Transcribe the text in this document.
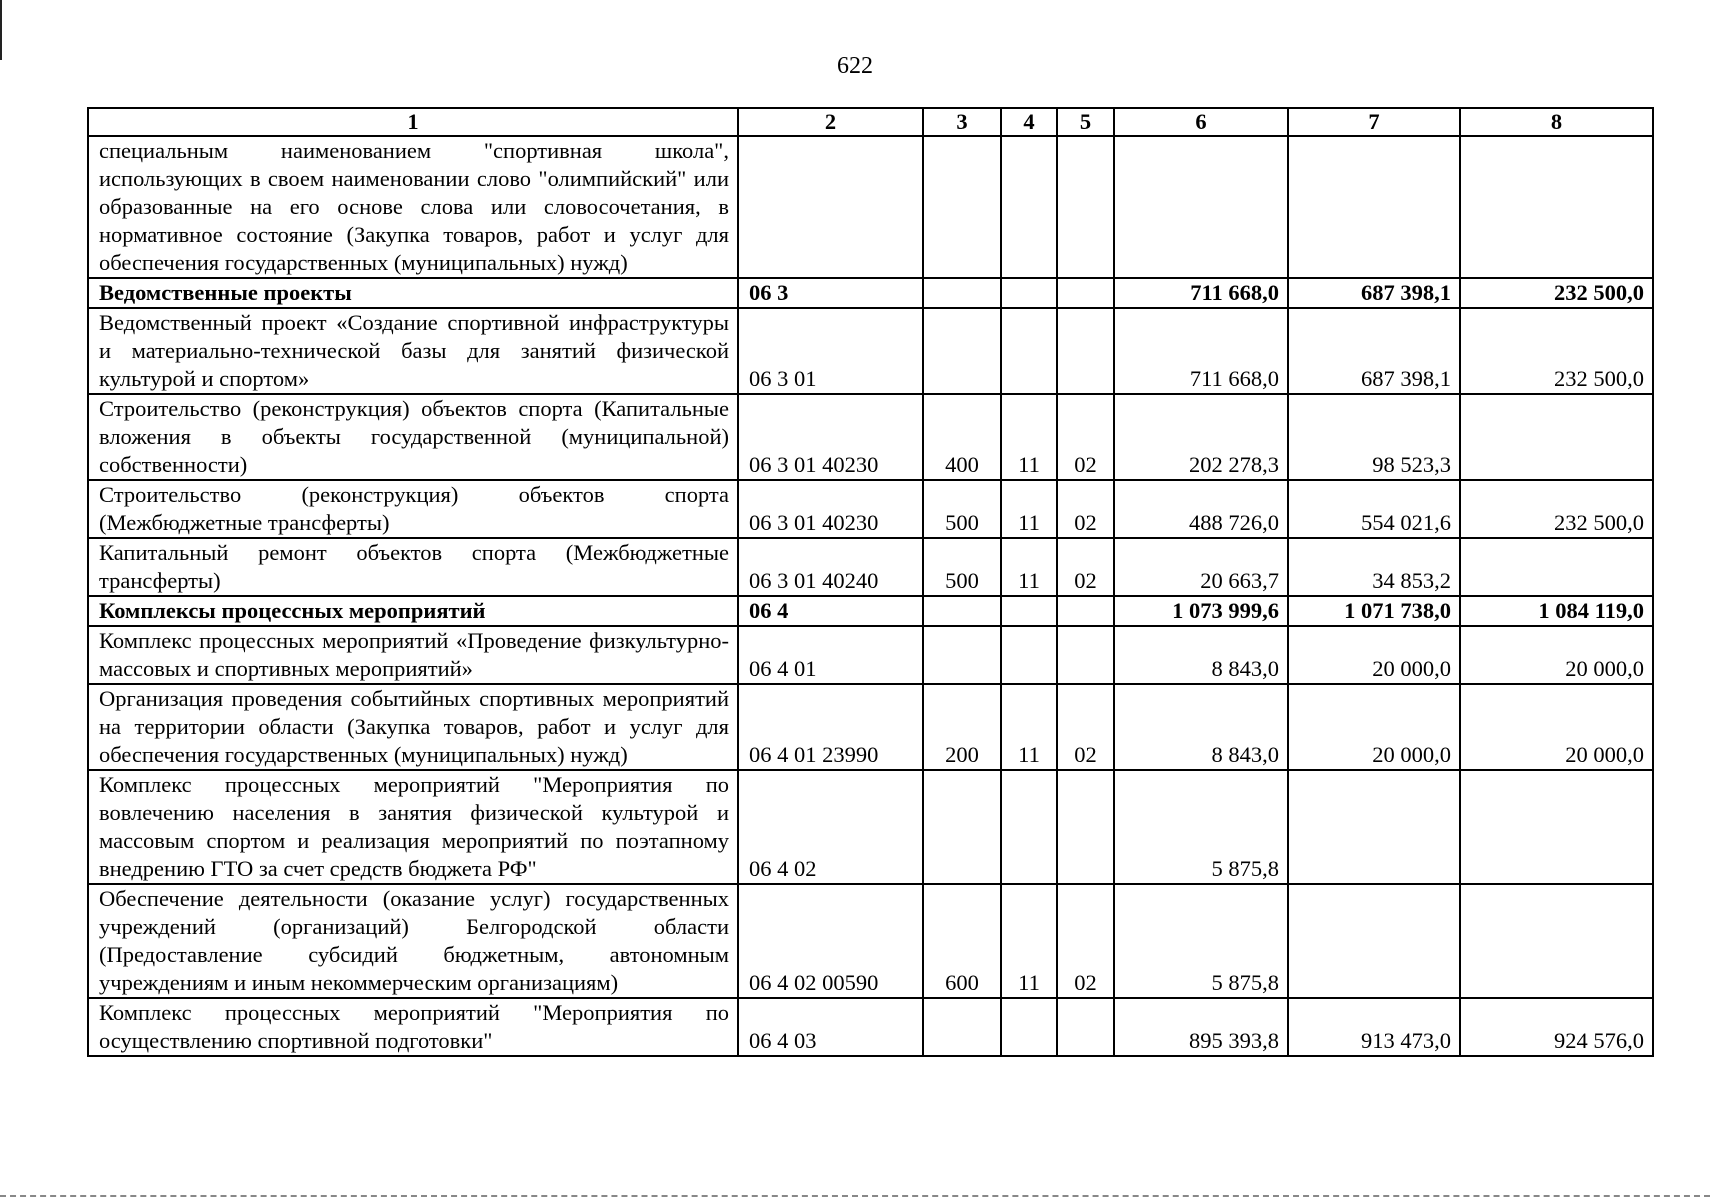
622
1	2	3	4	5	6	7	8
специальным наименованием "спортивная школа", использующих в своем наименовании слово "олимпийский" или образованные на его основе слова или словосочетания, в нормативное состояние (Закупка товаров, работ и услуг для обеспечения государственных (муниципальных) нужд)							
Ведомственные проекты	06 3				711 668,0	687 398,1	232 500,0
Ведомственный проект «Создание спортивной инфраструктуры и материально-технической базы для занятий физической культурой и спортом»	06 3 01				711 668,0	687 398,1	232 500,0
Строительство (реконструкция) объектов спорта (Капитальные вложения в объекты государственной (муниципальной) собственности)	06 3 01 40230	400	11	02	202 278,3	98 523,3	
Строительство (реконструкция) объектов спорта (Межбюджетные трансферты)	06 3 01 40230	500	11	02	488 726,0	554 021,6	232 500,0
Капитальный ремонт объектов спорта (Межбюджетные трансферты)	06 3 01 40240	500	11	02	20 663,7	34 853,2	
Комплексы процессных мероприятий	06 4				1 073 999,6	1 071 738,0	1 084 119,0
Комплекс процессных мероприятий «Проведение физкультурно-массовых и спортивных мероприятий»	06 4 01				8 843,0	20 000,0	20 000,0
Организация проведения событийных спортивных мероприятий на территории области (Закупка товаров, работ и услуг для обеспечения государственных (муниципальных) нужд)	06 4 01 23990	200	11	02	8 843,0	20 000,0	20 000,0
Комплекс процессных мероприятий "Мероприятия по вовлечению населения в занятия физической культурой и массовым спортом и реализация мероприятий по поэтапному внедрению ГТО за счет средств бюджета РФ"	06 4 02				5 875,8		
Обеспечение деятельности (оказание услуг) государственных учреждений (организаций) Белгородской области (Предоставление субсидий бюджетным, автономным учреждениям и иным некоммерческим организациям)	06 4 02 00590	600	11	02	5 875,8		
Комплекс процессных мероприятий "Мероприятия по осуществлению спортивной подготовки"	06 4 03				895 393,8	913 473,0	924 576,0
